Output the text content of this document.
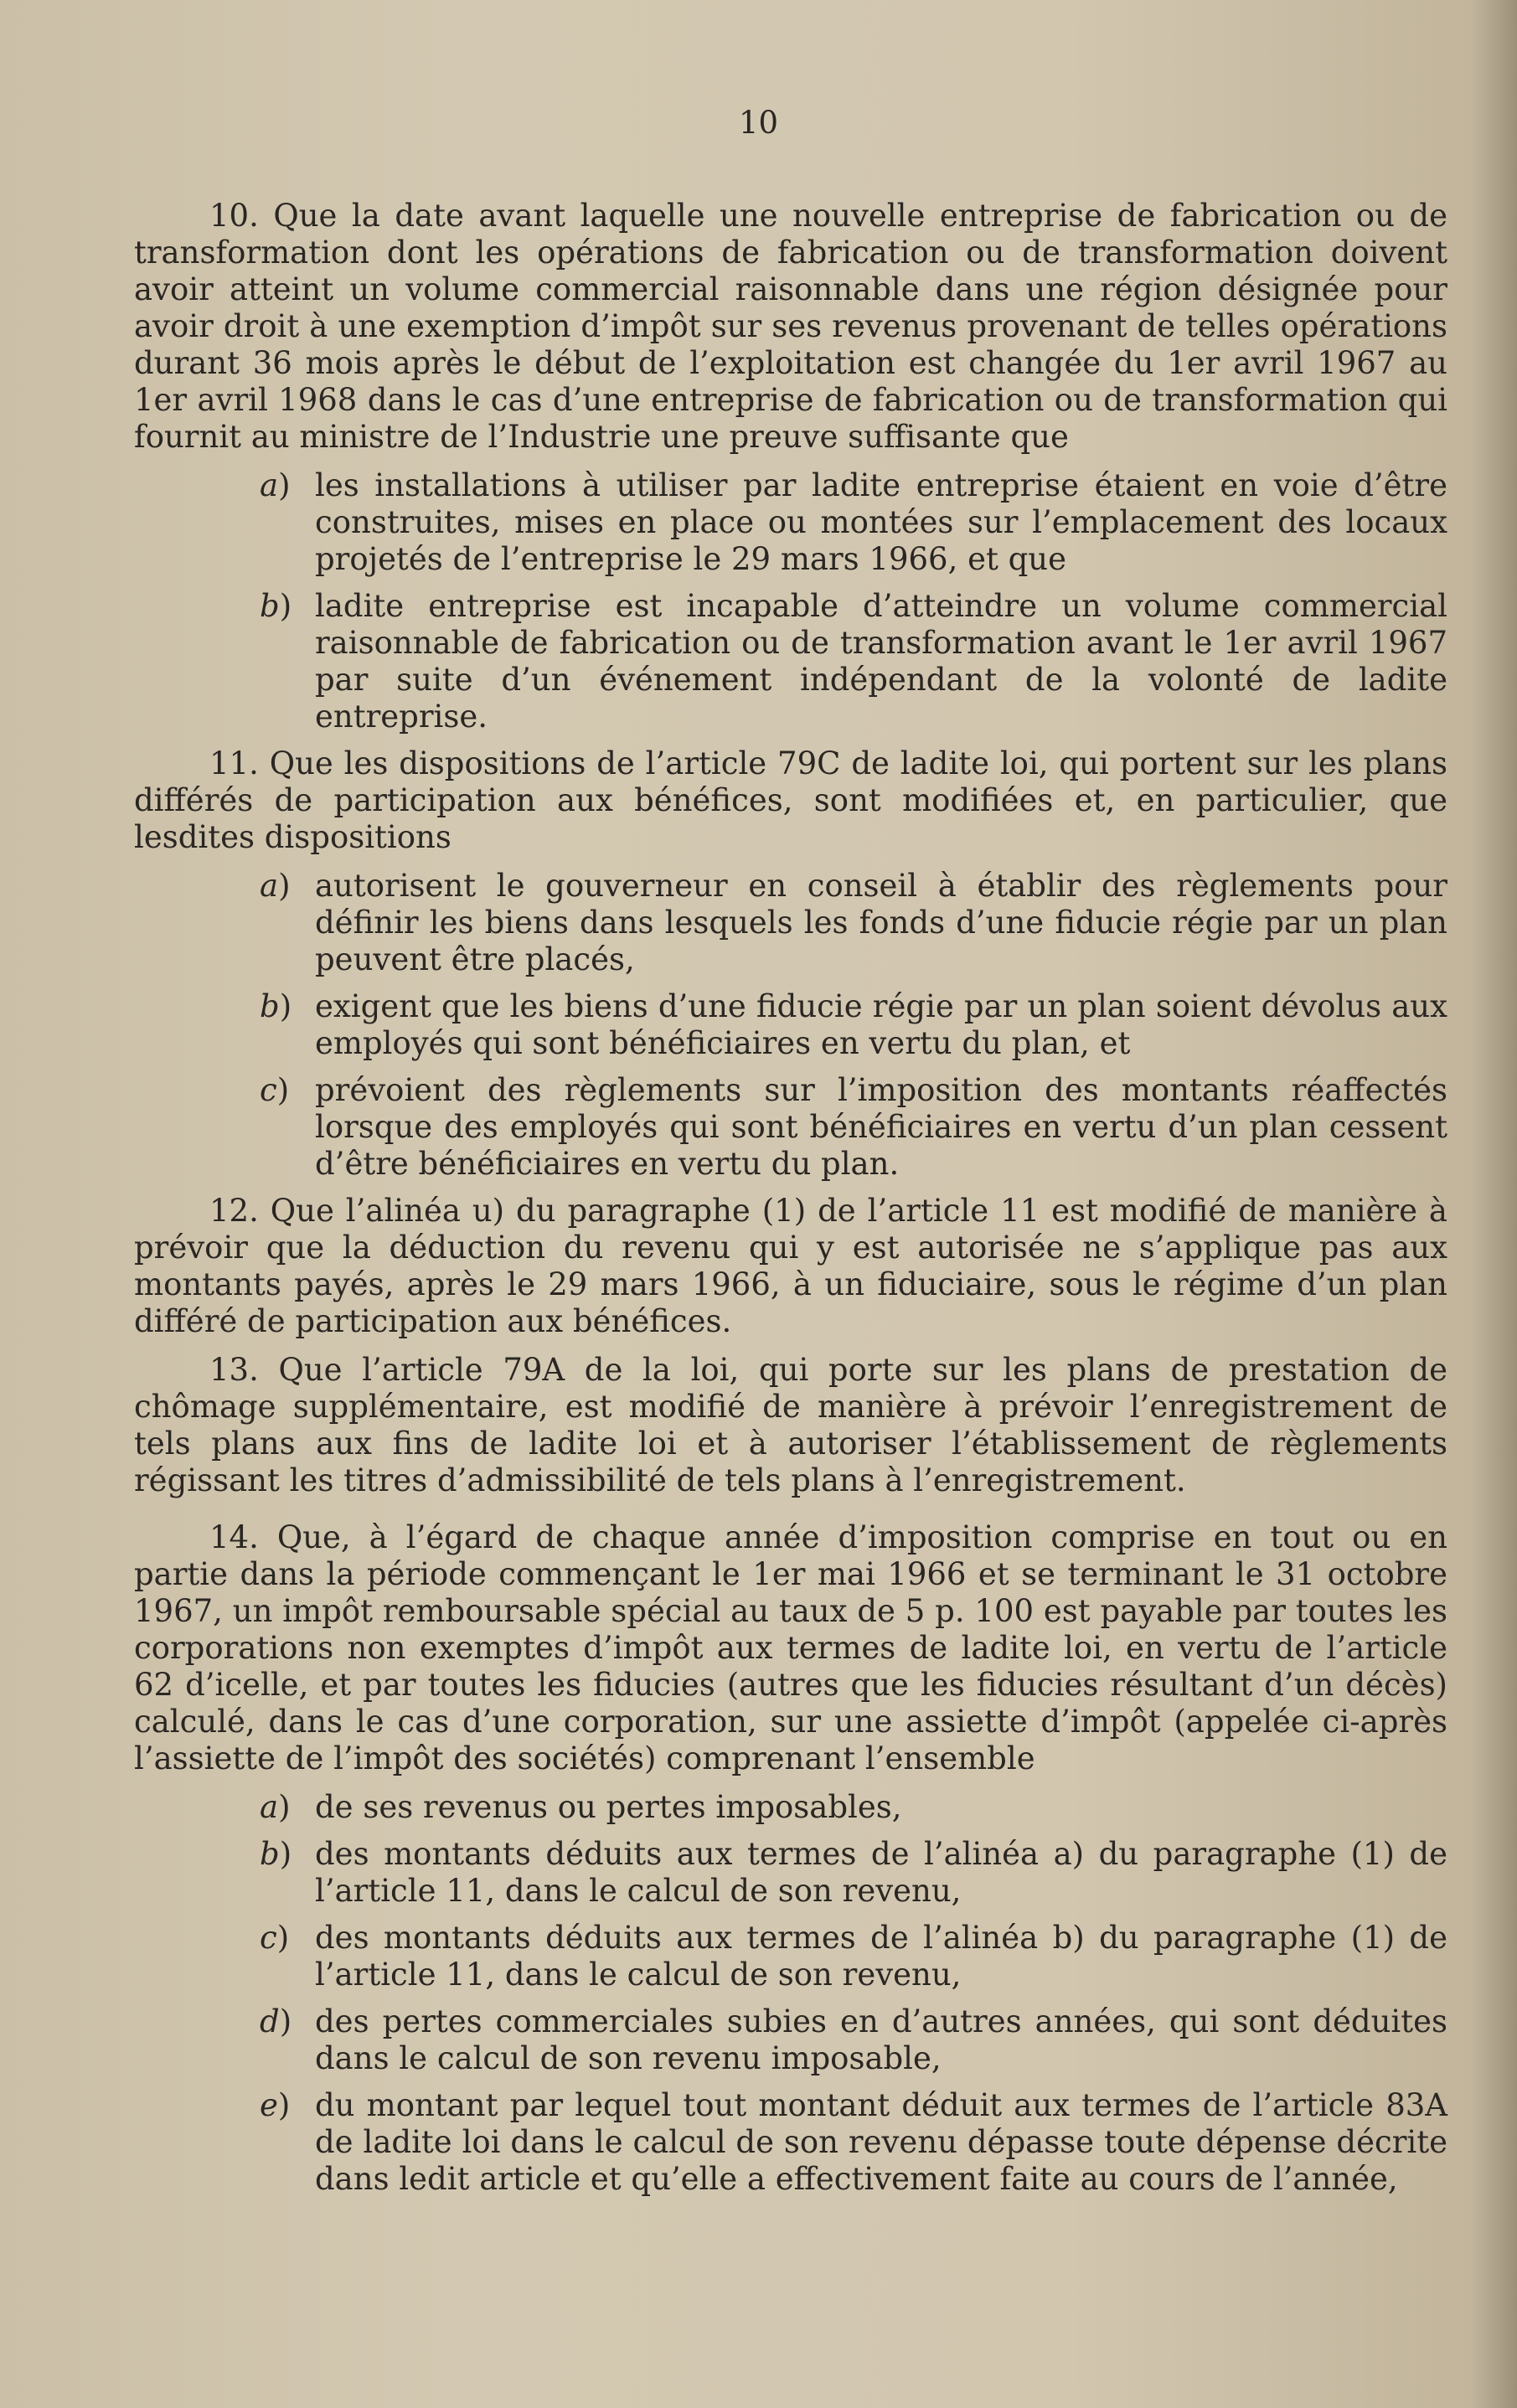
10

10. Que la date avant laquelle une nouvelle entreprise de fabrication ou de transformation dont les opérations de fabrication ou de transformation doivent avoir atteint un volume commercial raisonnable dans une région désignée pour avoir droit à une exemption d’impôt sur ses revenus provenant de telles opérations durant 36 mois après le début de l’exploitation est changée du 1er avril 1967 au 1er avril 1968 dans le cas d’une entreprise de fabrication ou de transformation qui fournit au ministre de l’Industrie une preuve suffisante que

a) les installations à utiliser par ladite entreprise étaient en voie d’être construites, mises en place ou montées sur l’emplacement des locaux projetés de l’entreprise le 29 mars 1966, et que
b) ladite entreprise est incapable d’atteindre un volume commercial raisonnable de fabrication ou de transformation avant le 1er avril 1967 par suite d’un événement indépendant de la volonté de ladite entreprise.

11. Que les dispositions de l’article 79C de ladite loi, qui portent sur les plans différés de participation aux bénéfices, sont modifiées et, en particulier, que lesdites dispositions

a) autorisent le gouverneur en conseil à établir des règlements pour définir les biens dans lesquels les fonds d’une fiducie régie par un plan peuvent être placés,
b) exigent que les biens d’une fiducie régie par un plan soient dévolus aux employés qui sont bénéficiaires en vertu du plan, et
c) prévoient des règlements sur l’imposition des montants réaffectés lorsque des employés qui sont bénéficiaires en vertu d’un plan cessent d’être bénéficiaires en vertu du plan.

12. Que l’alinéa u) du paragraphe (1) de l’article 11 est modifié de manière à prévoir que la déduction du revenu qui y est autorisée ne s’applique pas aux montants payés, après le 29 mars 1966, à un fiduciaire, sous le régime d’un plan différé de participation aux bénéfices.

13. Que l’article 79A de la loi, qui porte sur les plans de prestation de chômage supplémentaire, est modifié de manière à prévoir l’enregistrement de tels plans aux fins de ladite loi et à autoriser l’établissement de règlements régissant les titres d’admissibilité de tels plans à l’enregistrement.

14. Que, à l’égard de chaque année d’imposition comprise en tout ou en partie dans la période commençant le 1er mai 1966 et se terminant le 31 octobre 1967, un impôt remboursable spécial au taux de 5 p. 100 est payable par toutes les corporations non exemptes d’impôt aux termes de ladite loi, en vertu de l’article 62 d’icelle, et par toutes les fiducies (autres que les fiducies résultant d’un décès) calculé, dans le cas d’une corporation, sur une assiette d’impôt (appelée ci-après l’assiette de l’impôt des sociétés) comprenant l’ensemble

a) de ses revenus ou pertes imposables,
b) des montants déduits aux termes de l’alinéa a) du paragraphe (1) de l’article 11, dans le calcul de son revenu,
c) des montants déduits aux termes de l’alinéa b) du paragraphe (1) de l’article 11, dans le calcul de son revenu,
d) des pertes commerciales subies en d’autres années, qui sont déduites dans le calcul de son revenu imposable,
e) du montant par lequel tout montant déduit aux termes de l’article 83A de ladite loi dans le calcul de son revenu dépasse toute dépense décrite dans ledit article et qu’elle a effectivement faite au cours de l’année,
